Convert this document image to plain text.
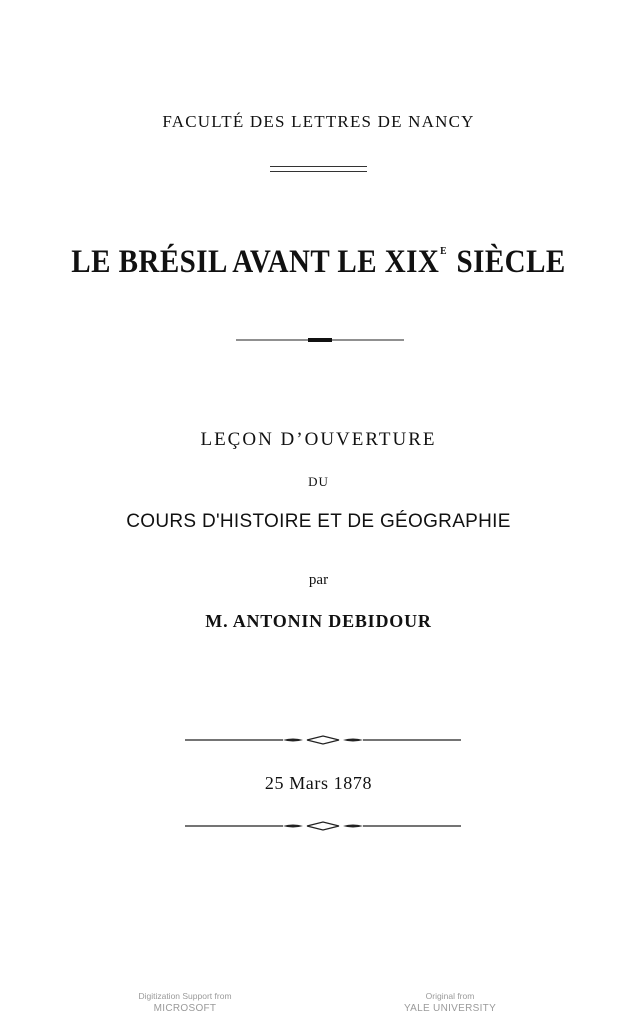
FACULTÉ DES LETTRES DE NANCY
LE BRÉSIL AVANT LE $XIX^E$ SIÈCLE
LEÇON D’OUVERTURE
DU
COURS D'HISTOIRE ET DE GÉOGRAPHIE
par
M. ANTONIN DEBIDOUR
25 Mars 1878
Digitization Support from
MICROSOFT
Original from
YALE UNIVERSITY
